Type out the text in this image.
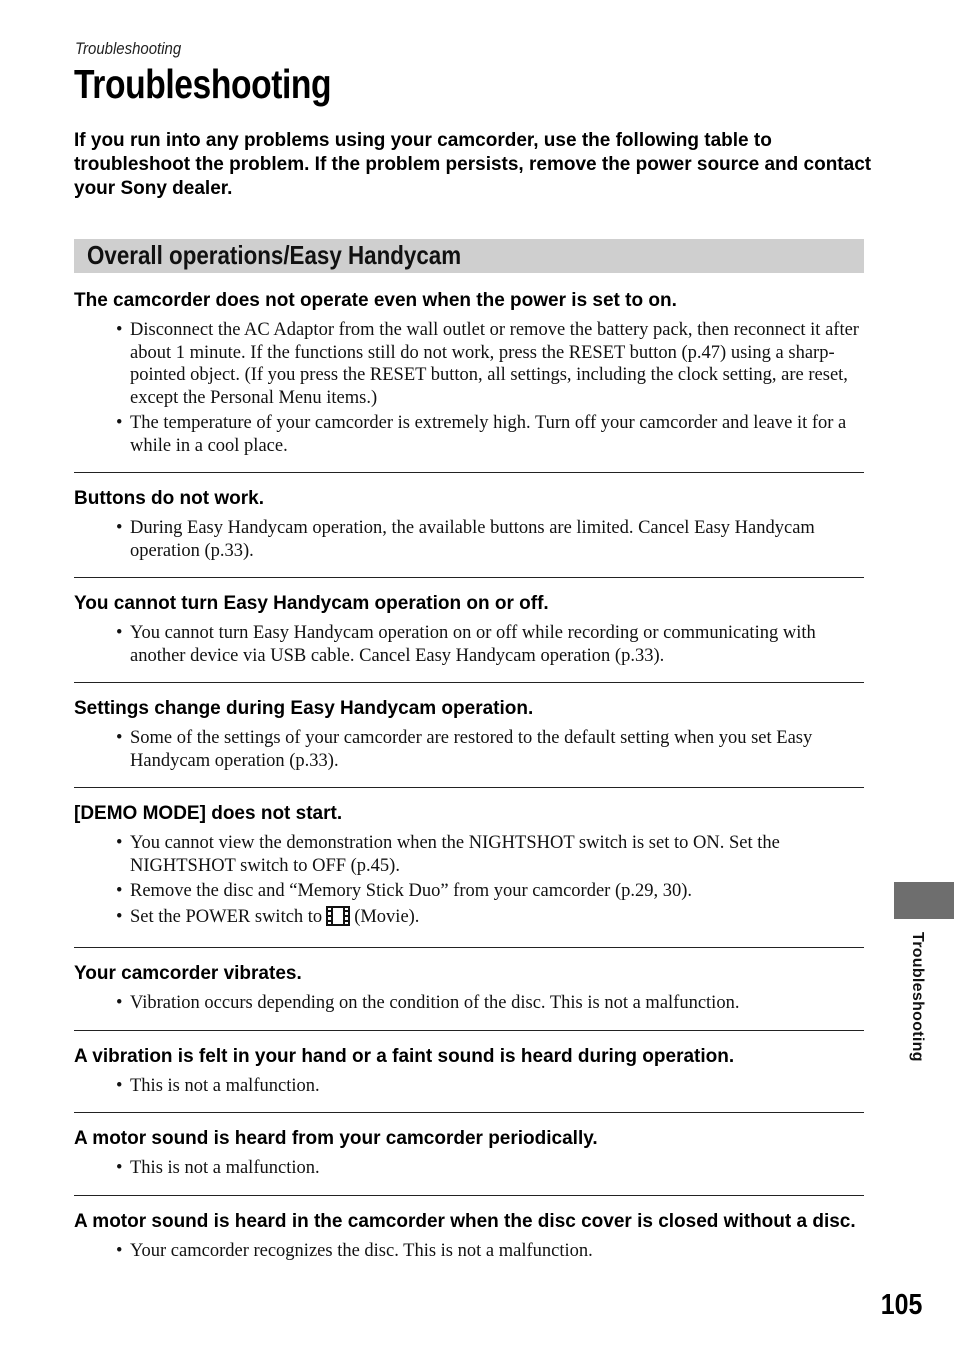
Troubleshooting
Troubleshooting

If you run into any problems using your camcorder, use the following table to troubleshoot the problem. If the problem persists, remove the power source and contact your Sony dealer.

Overall operations/Easy Handycam
The camcorder does not operate even when the power is set to on.
• Disconnect the AC Adaptor from the wall outlet or remove the battery pack, then reconnect it after about 1 minute. If the functions still do not work, press the RESET button (p.47) using a sharp-pointed object. (If you press the RESET button, all settings, including the clock setting, are reset, except the Personal Menu items.)
• The temperature of your camcorder is extremely high. Turn off your camcorder and leave it for a while in a cool place.
Buttons do not work.
• During Easy Handycam operation, the available buttons are limited. Cancel Easy Handycam operation (p.33).
You cannot turn Easy Handycam operation on or off.
• You cannot turn Easy Handycam operation on or off while recording or communicating with another device via USB cable. Cancel Easy Handycam operation (p.33).
Settings change during Easy Handycam operation.
• Some of the settings of your camcorder are restored to the default setting when you set Easy Handycam operation (p.33).
[DEMO MODE] does not start.
• You cannot view the demonstration when the NIGHTSHOT switch is set to ON. Set the NIGHTSHOT switch to OFF (p.45).
• Remove the disc and “Memory Stick Duo” from your camcorder (p.29, 30).
• Set the POWER switch to (Movie).
Your camcorder vibrates.
• Vibration occurs depending on the condition of the disc. This is not a malfunction.
A vibration is felt in your hand or a faint sound is heard during operation.
• This is not a malfunction.
A motor sound is heard from your camcorder periodically.
• This is not a malfunction.
A motor sound is heard in the camcorder when the disc cover is closed without a disc.
• Your camcorder recognizes the disc. This is not a malfunction.
Troubleshooting
105
